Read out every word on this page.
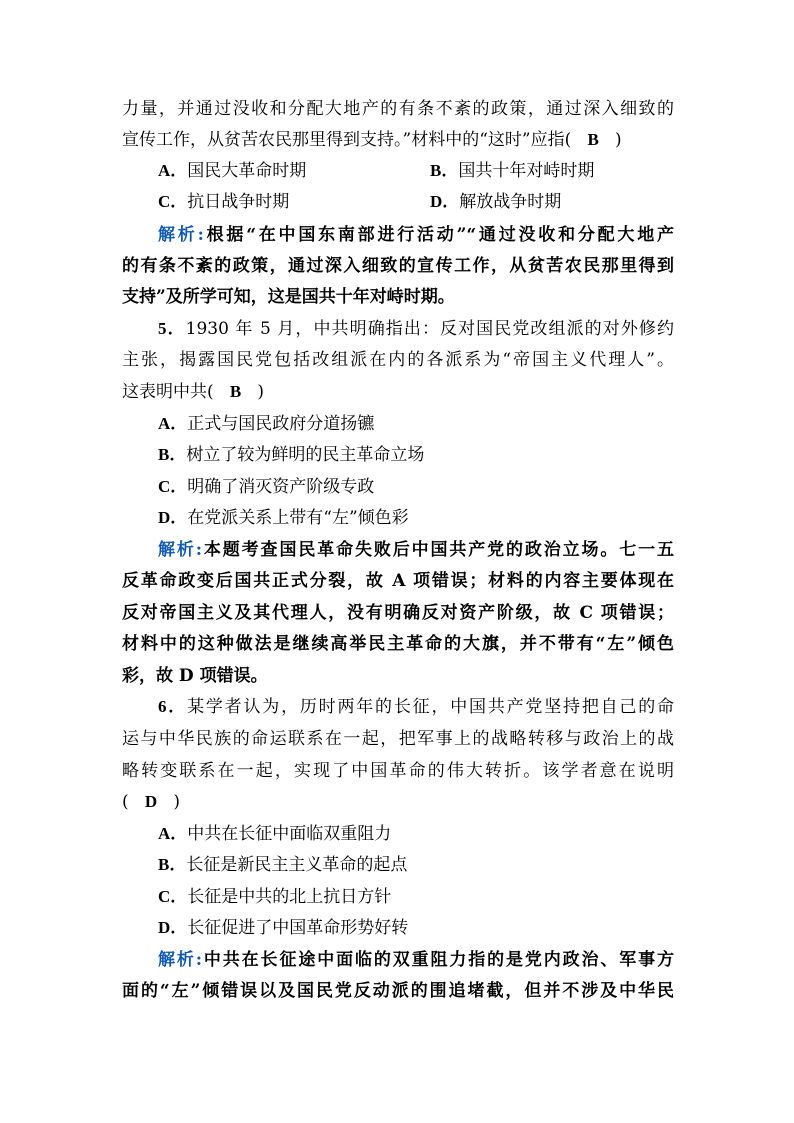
力量，并通过没收和分配大地产的有条不紊的政策，通过深入细致的
宣传工作，从贫苦农民那里得到支持。”材料中的“这时”应指( B )
A．国民大革命时期	B．国共十年对峙时期
C．抗日战争时期	D．解放战争时期
解析:根据“在中国东南部进行活动”“通过没收和分配大地产
的有条不紊的政策，通过深入细致的宣传工作，从贫苦农民那里得到
支持”及所学可知，这是国共十年对峙时期。
5．1930 年 5 月，中共明确指出：反对国民党改组派的对外修约
主张，揭露国民党包括改组派在内的各派系为“帝国主义代理人”。
这表明中共( B )
A．正式与国民政府分道扬镳
B．树立了较为鲜明的民主革命立场
C．明确了消灭资产阶级专政
D．在党派关系上带有“左”倾色彩
解析:本题考查国民革命失败后中国共产党的政治立场。七一五
反革命政变后国共正式分裂，故 A 项错误；材料的内容主要体现在
反对帝国主义及其代理人，没有明确反对资产阶级，故 C 项错误；
材料中的这种做法是继续高举民主革命的大旗，并不带有“左”倾色
彩，故 D 项错误。
6．某学者认为，历时两年的长征，中国共产党坚持把自己的命
运与中华民族的命运联系在一起，把军事上的战略转移与政治上的战
略转变联系在一起，实现了中国革命的伟大转折。该学者意在说明
( D )
A．中共在长征中面临双重阻力
B．长征是新民主主义革命的起点
C．长征是中共的北上抗日方针
D．长征促进了中国革命形势好转
解析:中共在长征途中面临的双重阻力指的是党内政治、军事方
面的“左”倾错误以及国民党反动派的围追堵截，但并不涉及中华民
